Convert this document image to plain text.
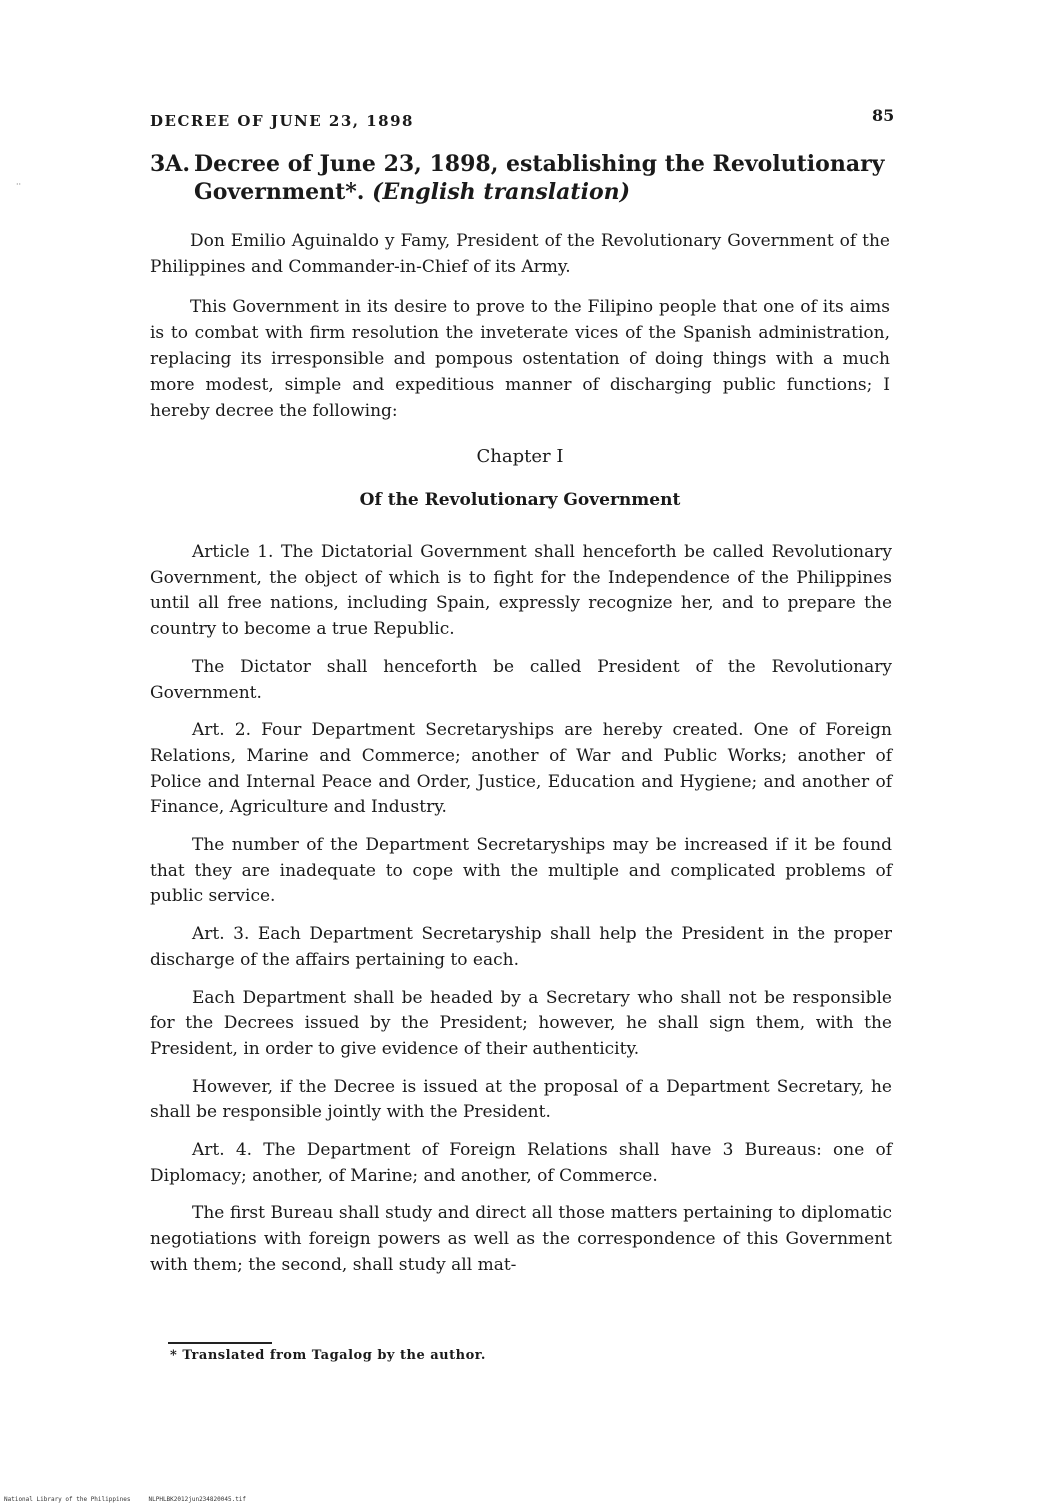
DECREE OF JUNE 23, 1898	85
··
3A. Decree of June 23, 1898, establishing the Revolutionary
Government*. (English translation)

Don Emilio Aguinaldo y Famy, President of the Revolutionary Government of the Philippines and Commander-in-Chief of its Army.

This Government in its desire to prove to the Filipino people that one of its aims is to combat with firm resolution the inveterate vices of the Spanish administration, replacing its irresponsible and pompous ostentation of doing things with a much more modest, simple and expeditious manner of discharging public functions; I hereby decree the following:

Chapter I
Of the Revolutionary Government

Article 1. The Dictatorial Government shall henceforth be called Revolutionary Government, the object of which is to fight for the Independence of the Philippines until all free nations, including Spain, expressly recognize her, and to prepare the country to become a true Republic.

The Dictator shall henceforth be called President of the Revolutionary Government.

Art. 2. Four Department Secretaryships are hereby created. One of Foreign Relations, Marine and Commerce; another of War and Public Works; another of Police and Internal Peace and Order, Justice, Education and Hygiene; and another of Finance, Agriculture and Industry.

The number of the Department Secretaryships may be increased if it be found that they are inadequate to cope with the multiple and complicated problems of public service.

Art. 3. Each Department Secretaryship shall help the President in the proper discharge of the affairs pertaining to each.

Each Department shall be headed by a Secretary who shall not be responsible for the Decrees issued by the President; however, he shall sign them, with the President, in order to give evidence of their authenticity.

However, if the Decree is issued at the proposal of a Department Secretary, he shall be responsible jointly with the President.

Art. 4. The Department of Foreign Relations shall have 3 Bureaus: one of Diplomacy; another, of Marine; and another, of Commerce.

The first Bureau shall study and direct all those matters pertaining to diplomatic negotiations with foreign powers as well as the correspondence of this Government with them; the second, shall study all mat-

* Translated from Tagalog by the author.
National Library of the Philippines     NLPHLBK2012jun234820045.tif
